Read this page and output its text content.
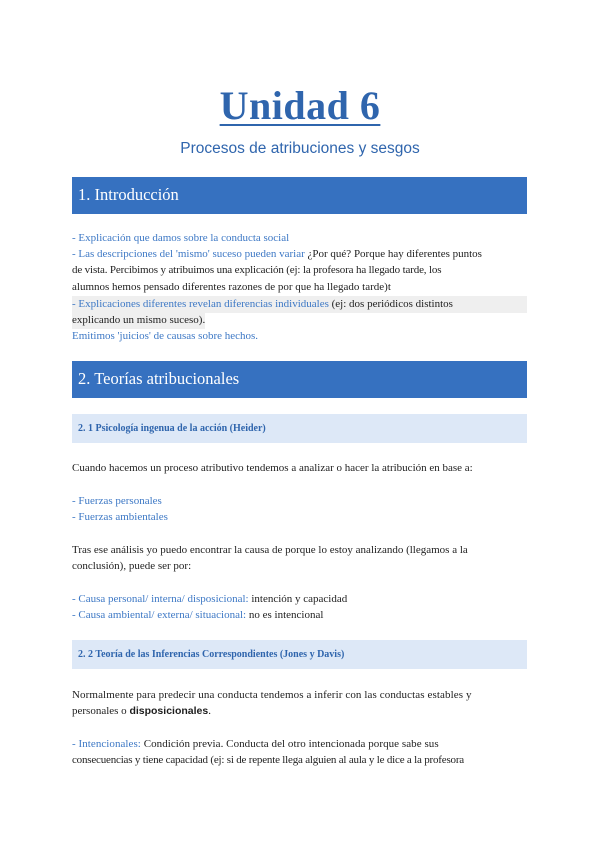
Unidad 6
Procesos de atribuciones y sesgos
1. Introducción
- Explicación que damos sobre la conducta social
- Las descripciones del 'mismo' suceso pueden variar ¿Por qué? Porque hay diferentes puntos
de vista. Percibimos y atribuimos una explicación (ej: la profesora ha llegado tarde, los
alumnos hemos pensado diferentes razones de por que ha llegado tarde)t
- Explicaciones diferentes revelan diferencias individuales (ej: dos periódicos distintos
explicando un mismo suceso).
Emitimos 'juicios' de causas sobre hechos.
2. Teorías atribucionales
2. 1 Psicología ingenua de la acción (Heider)
Cuando hacemos un proceso atributivo tendemos a analizar o hacer la atribución en base a:
- Fuerzas personales
- Fuerzas ambientales
Tras ese análisis yo puedo encontrar la causa de porque lo estoy analizando (llegamos a la
conclusión), puede ser por:
- Causa personal/ interna/ disposicional: intención y capacidad
- Causa ambiental/ externa/ situacional: no es intencional
2. 2 Teoría de las Inferencias Correspondientes (Jones y Davis)
Normalmente para predecir una conducta tendemos a inferir con las conductas estables y
personales o disposicionales.
- Intencionales: Condición previa. Conducta del otro intencionada porque sabe sus
consecuencias y tiene capacidad (ej: si de repente llega alguien al aula y le dice a la profesora
